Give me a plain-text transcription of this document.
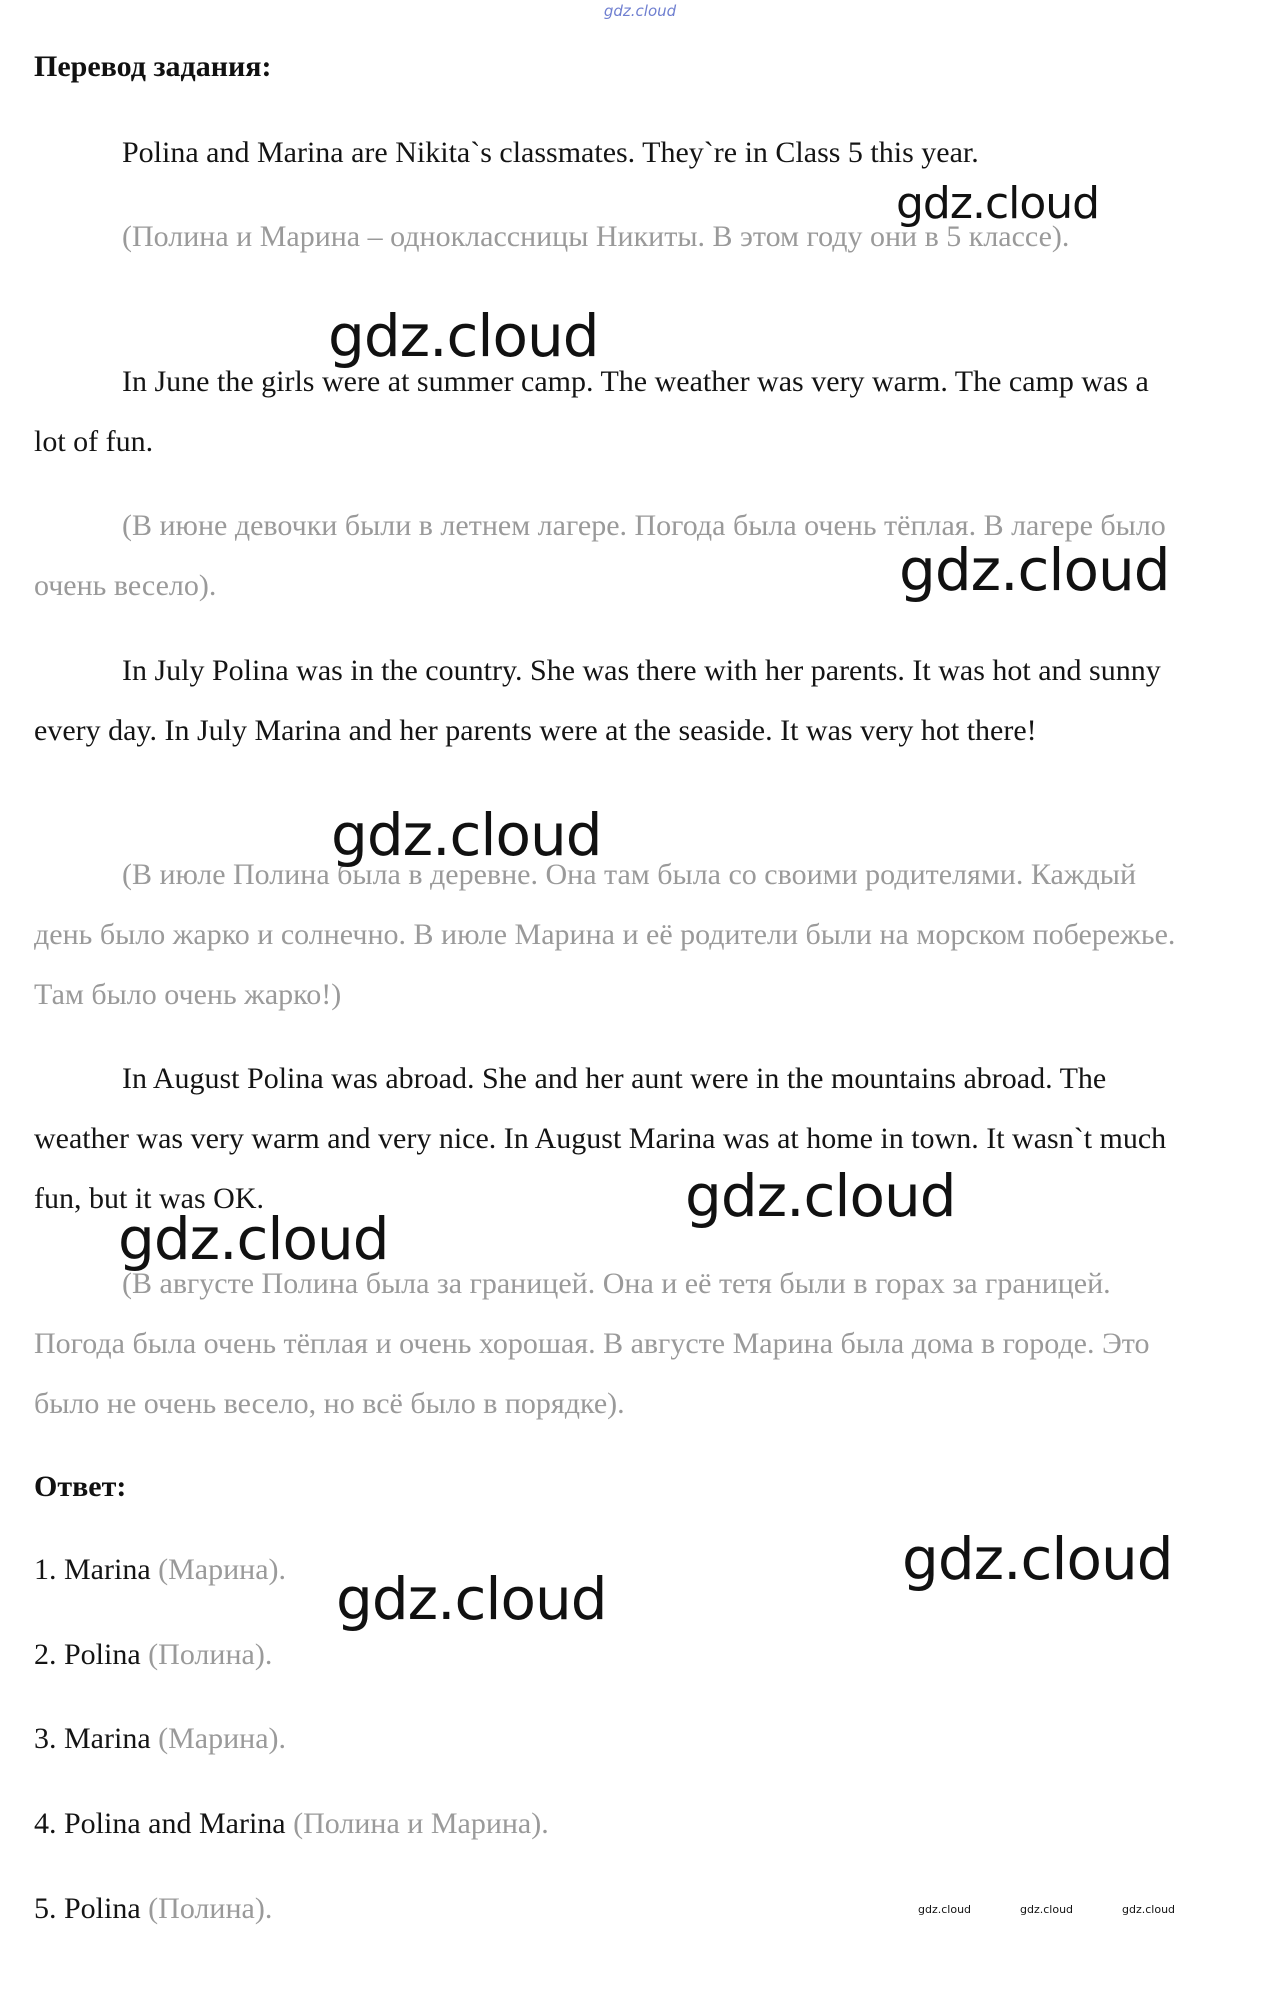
gdz.cloud
Перевод задания:

Polina and Marina are Nikita`s classmates. They`re in Class 5 this year.

(Полина и Марина – одноклассницы Никиты. В этом году они в 5 классе).

In June the girls were at summer camp. The weather was very warm. The camp was a lot of fun.

(В июне девочки были в летнем лагере. Погода была очень тёплая. В лагере было очень весело).

In July Polina was in the country. She was there with her parents. It was hot and sunny every day. In July Marina and her parents were at the seaside. It was very hot there!

(В июле Полина была в деревне. Она там была со своими родителями. Каждый день было жарко и солнечно. В июле Марина и её родители были на морском побережье. Там было очень жарко!)

In August Polina was abroad. She and her aunt were in the mountains abroad. The weather was very warm and very nice. In August Marina was at home in town. It wasn`t much fun, but it was OK.

(В августе Полина была за границей. Она и её тетя были в горах за границей. Погода была очень тёплая и очень хорошая. В августе Марина была дома в городе. Это было не очень весело, но всё было в порядке).

Ответ:
1. Marina (Марина).
2. Polina (Полина).
3. Marina (Марина).
4. Polina and Marina (Полина и Марина).
5. Polina (Полина).
gdz.cloud
gdz.cloud
gdz.cloud
gdz.cloud
gdz.cloud
gdz.cloud
gdz.cloud
gdz.cloud
gdz.cloud	gdz.cloud	gdz.cloud
